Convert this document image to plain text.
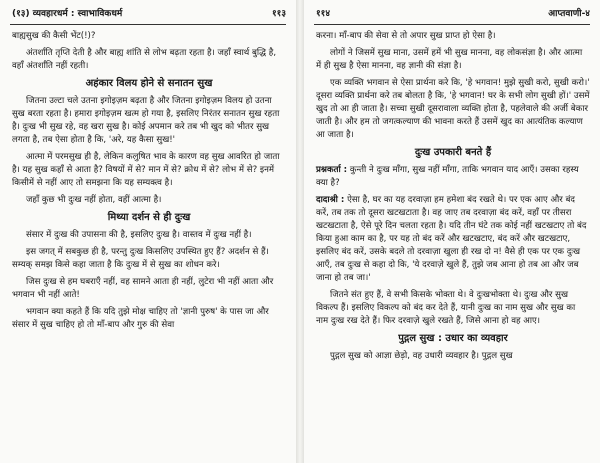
(१३) व्यवहारधर्म : स्वाभाविकधर्म	११३

बाह्यसुख की कैसी भेंट(!)?

अंतर्शांति तृप्ति देती है और बाह्य शांति से लोभ बढ़ता रहता है। जहाँ स्वार्थ बुद्धि है, वहाँ अंतर्शांति नहीं रहती।

अहंकार विलय होने से सनातन सुख

जितना उल्टा चले उतना इगोइज़म बढ़ता है और जितना इगोइज़म विलय हो उतना सुख बरता रहता है। हमारा इगोइज़म खत्म हो गया है, इसलिए निरंतर सनातन सुख रहता है। दुःख भी सुख रहे, वह खरा सुख है। कोई अपमान करे तब भी खुद को भीतर सुख लगता है, तब ऐसा होता है कि, 'अरे, यह कैसा सुख!'

आत्मा में परमसुख ही है, लेकिन कलुषित भाव के कारण वह सुख आवरित हो जाता है। यह सुख कहाँ से आता है? विषयों में से? मान में से? क्रोध में से? लोभ में से? इनमें किसीमें से नहीं आए तो समझना कि यह सम्यक्त्व है।

जहाँ कुछ भी दुःख नहीं होता, वहीं आत्मा है।

मिथ्या दर्शन से ही दुःख

संसार में दुःख की उपासना की है, इसलिए दुःख है। वास्तव में दुःख नहीं है।

इस जगत् में सबकुछ ही है, परन्तु दुःख किसलिए उपस्थित हुए हैं? अदर्शन से हैं। सम्यक् समझ किसे कहा जाता है कि दुःख में से सुख का शोधन करे।

जिस दुःख से हम घबराएँ नहीं, वह सामने आता ही नहीं, लुटेरा भी नहीं आता और भगवान भी नहीं आते!

भगवान क्या कहते हैं कि यदि तुझे मोक्ष चाहिए तो 'ज्ञानी पुरुष' के पास जा और संसार में सुख चाहिए हो तो माँ-बाप और गुरु की सेवा

११४	आप्तवाणी-४

करना। माँ-बाप की सेवा से तो अपार सुख प्राप्त हो ऐसा है।

लोगों ने जिसमें सुख माना, उसमें हमें भी सुख मानना, वह लोकसंज्ञा है। और आत्मा में ही सुख है ऐसा मानना, वह ज्ञानी की संज्ञा है।

एक व्यक्ति भगवान से ऐसा प्रार्थना करे कि, 'हे भगवान! मुझे सुखी करो, सुखी करो।' दूसरा व्यक्ति प्रार्थना करे तब बोलता है कि, 'हे भगवान! घर के सभी लोग सुखी हों।' उसमें खुद तो आ ही जाता है। सच्चा सुखी दूसरावाला व्यक्ति होता है, पहलेवाले की अर्जी बेकार जाती है। और हम तो जगत्कल्याण की भावना करते हैं उसमें खुद का आत्यंतिक कल्याण आ जाता है।

दुःख उपकारी बनते हैं

प्रश्नकर्ता : कुन्ती ने दुःख माँगा, सुख नहीं माँगा, ताकि भगवान याद आएँ। उसका रहस्य क्या है?

दादाश्री : ऐसा है, घर का यह दरवाज़ा हम हमेशा बंद रखते थे। पर एक आए और बंद करें, तब तक तो दूसरा खटखटाता है। वह जाए तब दरवाज़ा बंद करें, वहाँ पर तीसरा खटखटाता है, ऐसे पूरे दिन चलता रहता है। यदि तीन घंटे तक कोई नहीं खटखटाए तो बंद किया हुआ काम का है, पर यह तो बंद करें और खटखटाए, बंद करें और खटखटाए, इसलिए बंद करें, उसके बदले तो दरवाज़ा खुला ही रख दो न! वैसे ही एक पर एक दुःख आएँ, तब दुःख से कहा दो कि, 'ये दरवाज़े खुले हैं, तुझे जब आना हो तब आ और जब जाना हो तब जा।'

जितने संत हुए हैं, वे सभी किसके भोक्ता थे। वे दुःखभोक्ता थे। दुःख और सुख विकल्प हैं। इसलिए विकल्प को बंद कर देते हैं, यानी दुःख का नाम सुख और सुख का नाम दुःख रख देते हैं। फिर दरवाज़े खुले रखते हैं, जिसे आना हो वह आए।

पुद्गल सुख : उधार का व्यवहार

पुद्गल सुख को आज्ञा छेड़ो, वह उधारी व्यवहार है। पुद्गल सुख
